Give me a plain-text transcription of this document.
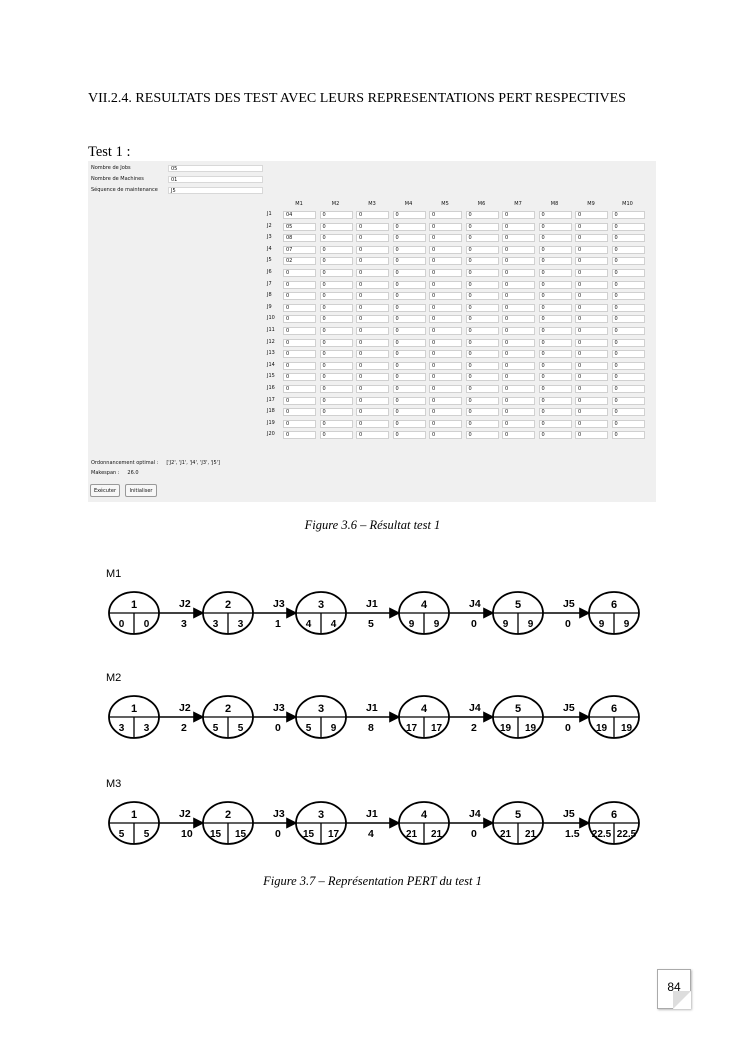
VII.2.4. RESULTATS DES TEST AVEC LEURS REPRESENTATIONS PERT RESPECTIVES
Test 1 :
Nombre de Jobs	05
Nombre de Machines	01
Séquence de maintenance	J5
Ordonnancement optimal : ['J2', 'J1', 'J4', 'J3', 'J5']
Makespan : 26.0
Exécuter	Initialiser
M1	M2	M3	M4	M5	M6	M7	M8	M9	M10
J1	04	0	0	0	0	0	0	0	0	0
J2	05	0	0	0	0	0	0	0	0	0
J3	08	0	0	0	0	0	0	0	0	0
J4	07	0	0	0	0	0	0	0	0	0
J5	02	0	0	0	0	0	0	0	0	0
J6	0	0	0	0	0	0	0	0	0	0
J7	0	0	0	0	0	0	0	0	0	0
J8	0	0	0	0	0	0	0	0	0	0
J9	0	0	0	0	0	0	0	0	0	0
J10	0	0	0	0	0	0	0	0	0	0
J11	0	0	0	0	0	0	0	0	0	0
J12	0	0	0	0	0	0	0	0	0	0
J13	0	0	0	0	0	0	0	0	0	0
J14	0	0	0	0	0	0	0	0	0	0
J15	0	0	0	0	0	0	0	0	0	0
J16	0	0	0	0	0	0	0	0	0	0
J17	0	0	0	0	0	0	0	0	0	0
J18	0	0	0	0	0	0	0	0	0	0
J19	0	0	0	0	0	0	0	0	0	0
J20	0	0	0	0	0	0	0	0	0	0
Figure 3.6 – Résultat test 1
M1
J2
3
J3
1
J1
5
J4
0
J5
0
1
0 0
2
3 3
3
4 4
4
9 9
5
9 9
6
9 9
M2
J2
2
J3
0
J1
8
J4
2
J5
0
1
3 3
2
5 5
3
5 9
4
17 17
5
19 19
6
19 19
M3
J2
10
J3
0
J1
4
J4
0
J5
1.5
1
5 5
2
15 15
3
15 17
4
21 21
5
21 21
6
22.5 22.5
Figure 3.7 – Représentation PERT du test 1
84
